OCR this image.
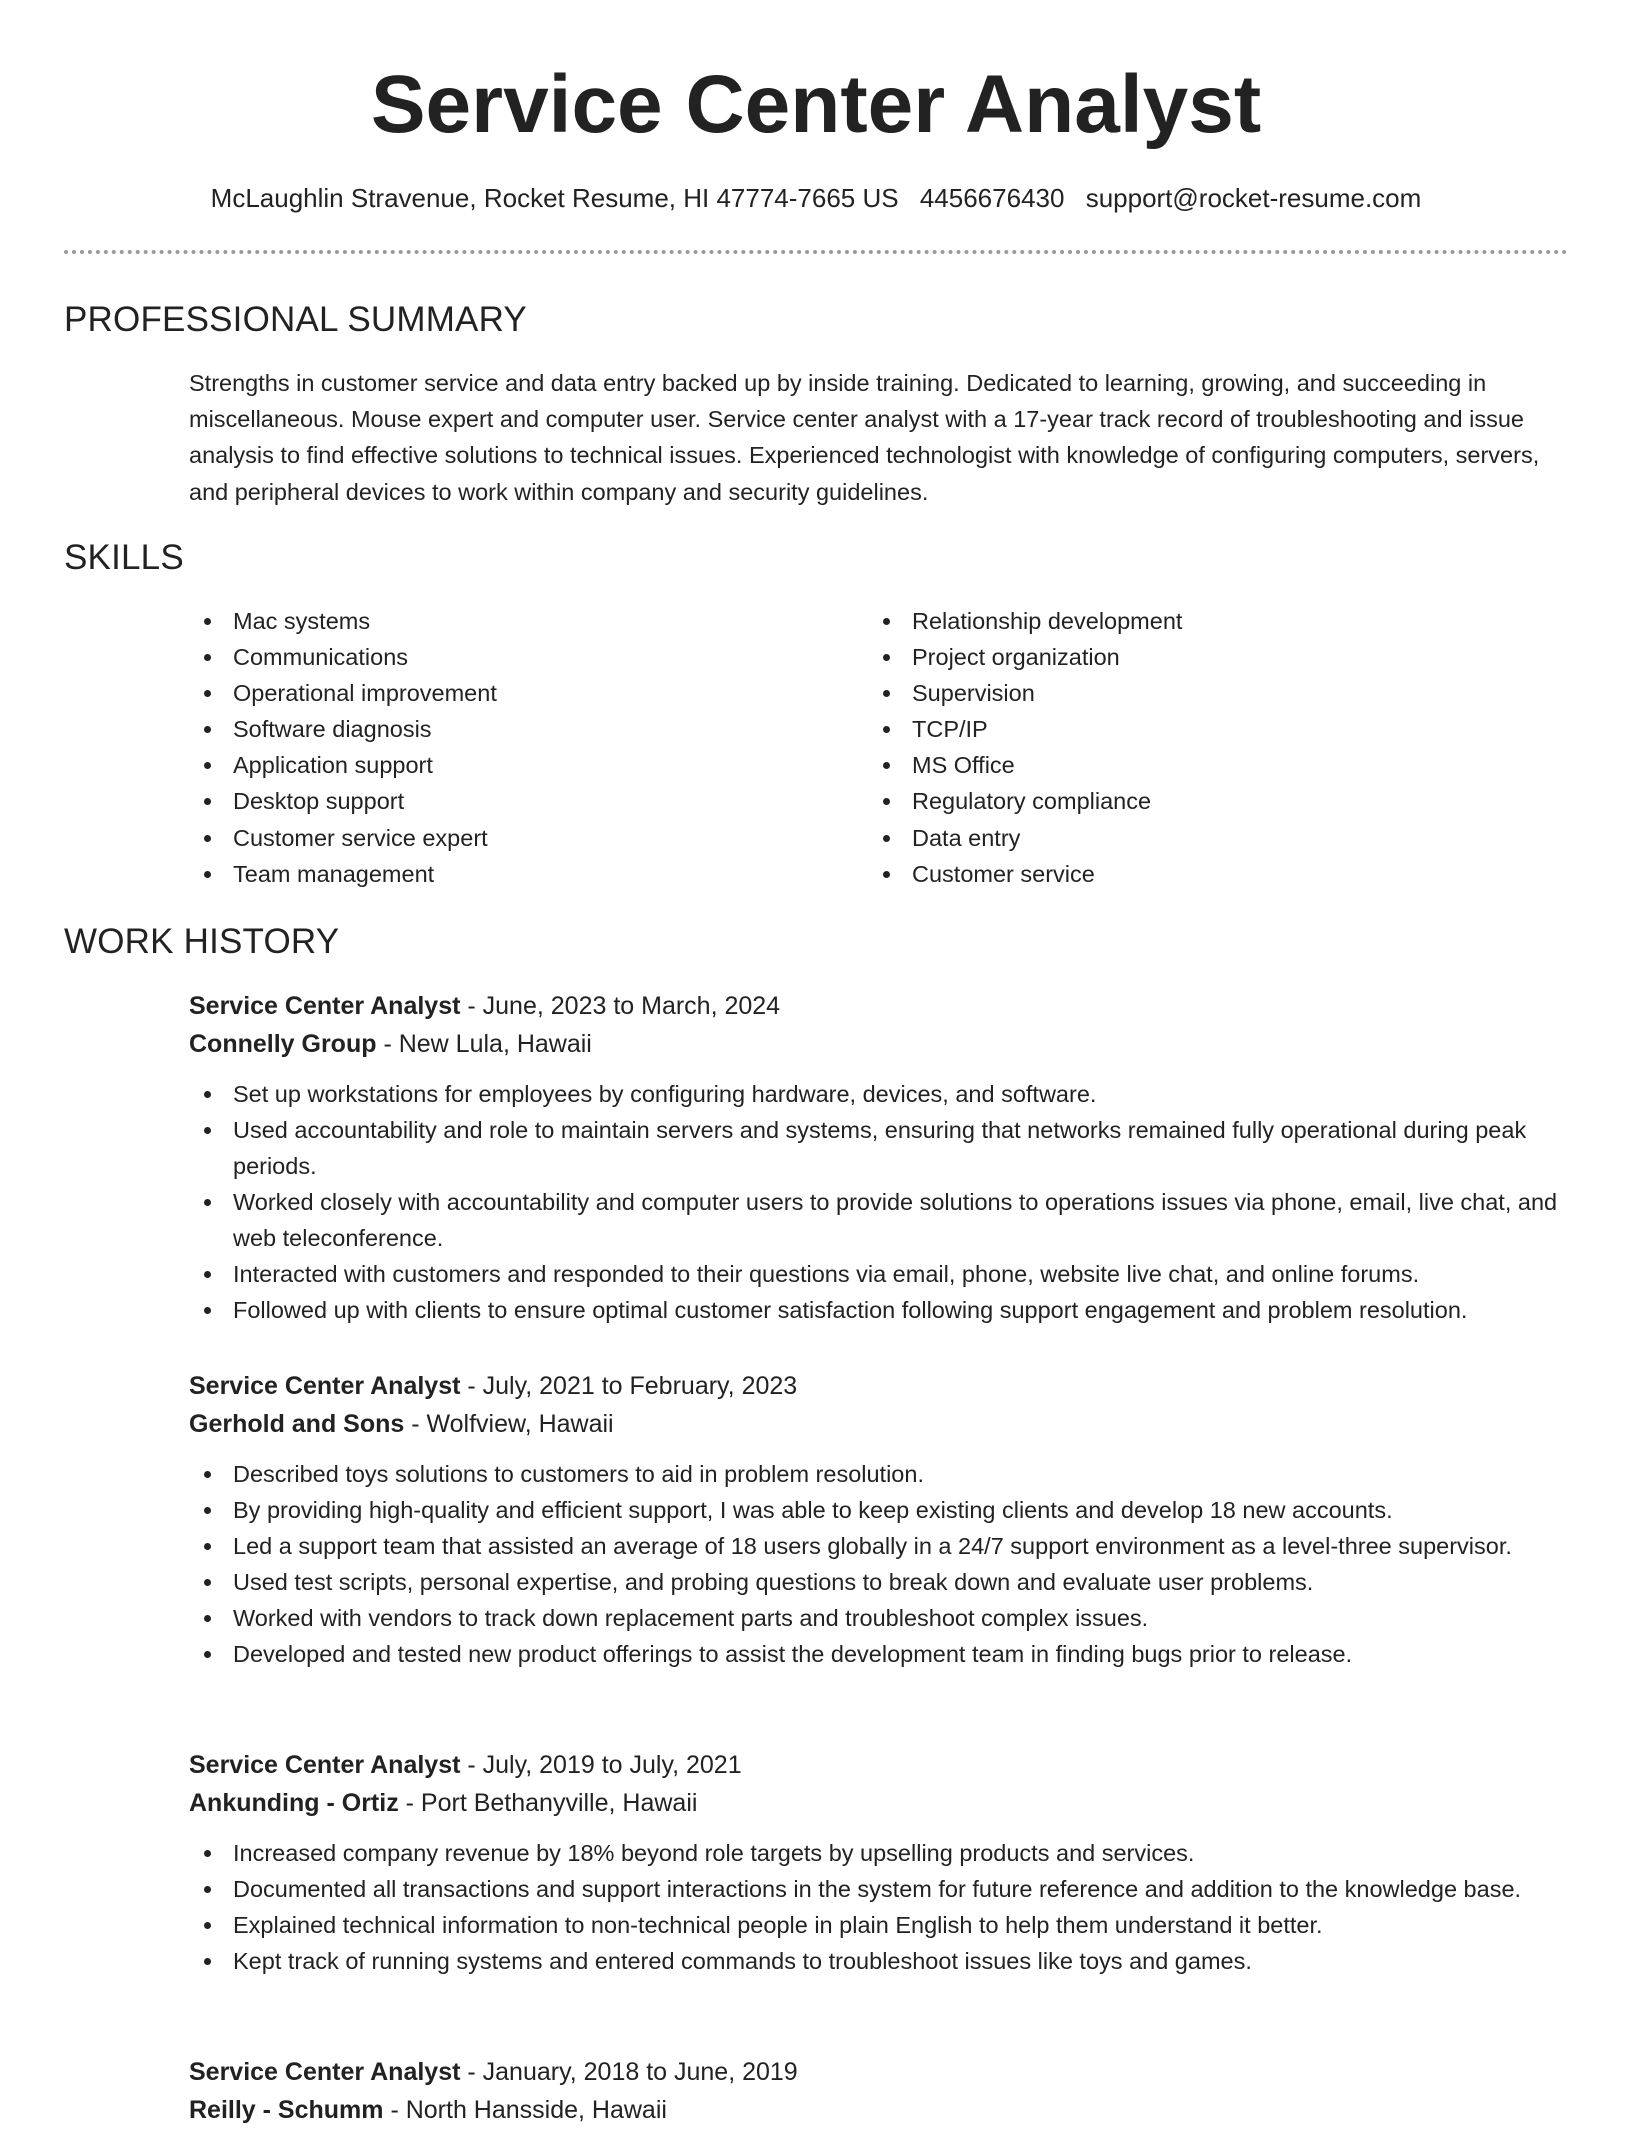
Service Center Analyst
McLaughlin Stravenue, Rocket Resume, HI 47774-7665 US 4456676430 support@rocket-resume.com
PROFESSIONAL SUMMARY

Strengths in customer service and data entry backed up by inside training. Dedicated to learning, growing, and succeeding in miscellaneous. Mouse expert and computer user. Service center analyst with a 17-year track record of troubleshooting and issue analysis to find effective solutions to technical issues. Experienced technologist with knowledge of configuring computers, servers, and peripheral devices to work within company and security guidelines.

SKILLS
Mac systems
Communications
Operational improvement
Software diagnosis
Application support
Desktop support
Customer service expert
Team management
Relationship development
Project organization
Supervision
TCP/IP
MS Office
Regulatory compliance
Data entry
Customer service
WORK HISTORY
Service Center Analyst - June, 2023 to March, 2024
Connelly Group - New Lula, Hawaii
Set up workstations for employees by configuring hardware, devices, and software.
Used accountability and role to maintain servers and systems, ensuring that networks remained fully operational during peak periods.
Worked closely with accountability and computer users to provide solutions to operations issues via phone, email, live chat, and web teleconference.
Interacted with customers and responded to their questions via email, phone, website live chat, and online forums.
Followed up with clients to ensure optimal customer satisfaction following support engagement and problem resolution.
Service Center Analyst - July, 2021 to February, 2023
Gerhold and Sons - Wolfview, Hawaii
Described toys solutions to customers to aid in problem resolution.
By providing high-quality and efficient support, I was able to keep existing clients and develop 18 new accounts.
Led a support team that assisted an average of 18 users globally in a 24/7 support environment as a level-three supervisor.
Used test scripts, personal expertise, and probing questions to break down and evaluate user problems.
Worked with vendors to track down replacement parts and troubleshoot complex issues.
Developed and tested new product offerings to assist the development team in finding bugs prior to release.
Service Center Analyst - July, 2019 to July, 2021
Ankunding - Ortiz - Port Bethanyville, Hawaii
Increased company revenue by 18% beyond role targets by upselling products and services.
Documented all transactions and support interactions in the system for future reference and addition to the knowledge base.
Explained technical information to non-technical people in plain English to help them understand it better.
Kept track of running systems and entered commands to troubleshoot issues like toys and games.
Service Center Analyst - January, 2018 to June, 2019
Reilly - Schumm - North Hansside, Hawaii
